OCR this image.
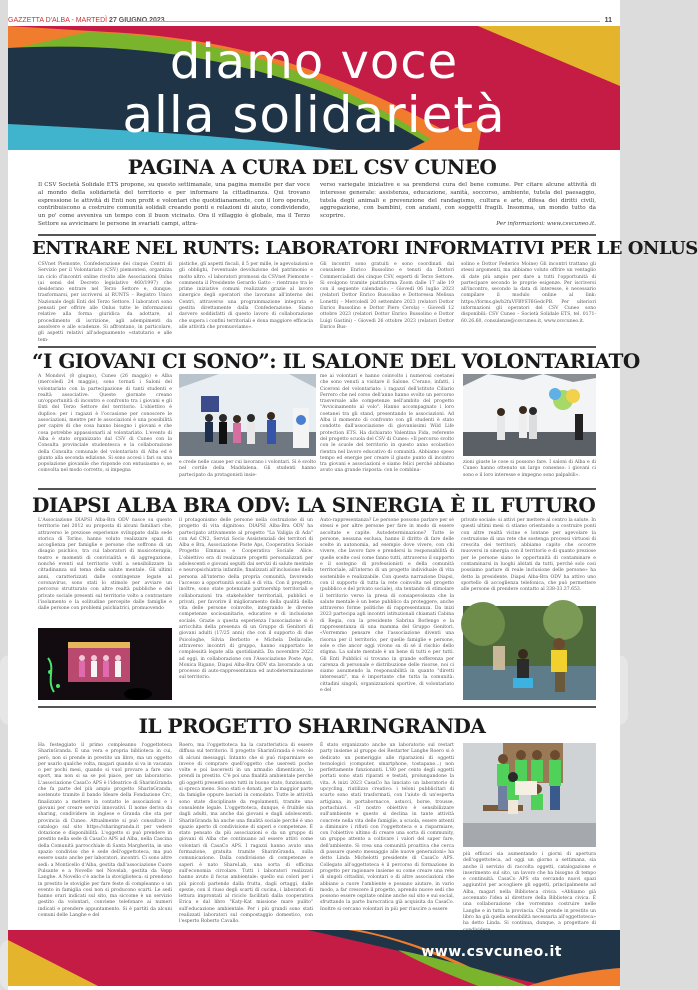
GAZZETTA D'ALBA - MARTEDÌ 27 GIUGNO 2023	11
diamo voce
alla solidarietà
PAGINA A CURA DEL CSV CUNEO
Il CSV Società Solidale ETS propone, su questo settimanale, una pagina mensile per dar voce al mondo della solidarietà del territorio e per informare la cittadinanza. Qui trovano espressione le attività di Enti non profit e volontari che quotidianamente, con il loro operato, contribuiscono a costruire comunità solidali creando ponti e relazioni di aiuto, condividendo, un po' come avveniva un tempo con il buon vicinato. Ora il villaggio è globale, ma il Terzo Settore sa avvicinare le persone in svariati campi, attra-
verso variegate iniziative e sa prendersi cura del bene comune. Per citare alcune attività di interesse generale: assistenza, educazione, sanità, soccorso, ambiente, tutela del paesaggio, tutela degli animali e prevenzione del randagismo, cultura e arte, difesa dei diritti civili, aggregazione, con bambini, con anziani, con soggetti fragili. Insomma, un mondo tutto da scoprire.
Per informazioni: www.csvcuneo.it.
ENTRARE NEL RUNTS: LABORATORI INFORMATIVI PER LE ONLUS
CSVnet Piemonte, Confederazione dei cinque Centri di Servizio per il Volontariato (CSV) piemontesi, organizza un ciclo d'incontri online rivolto alle Associazioni Onlus (ai sensi del Decreto legislativo 460/1997) che desiderano entrare nel Terzo Settore e, dunque, trasformarsi, per iscriversi al RUNTS – Registro Unico Nazionale degli Enti del Terzo Settore. I laboratori sono pensati per offrire alle Onlus tutte le informazioni relative alla forma giuridica da adottare, al procedimento di iscrizione, agli adempimenti da assolvere e alle scadenze. Si affrontano, in particolare, gli aspetti relativi all'adeguamento «statutario e alle tem-
pistiche, gli aspetti fiscali, il 5 per mille, le agevolazioni e gli obblighi, l'eventuale devoluzione del patrimonio e molto altro. «I laboratori promossi da CSVnet Piemonte – commenta il Presidente Gerardo Gatto – rientrano tra le prime iniziative comuni realizzate grazie al lavoro sinergico degli operatori che lavorano all'interno dei Centri, attraverso una programmazione integrata e gestita direttamente dalla Confederazione. Siamo davvero soddisfatti di questo lavoro di collaborazione che supera i confini territoriali e dona maggiore efficacia alle attività che promuoviamo».
Gli incontri sono gratuiti e sono coordinati dal consulente Enrico Bussolino e tenuti da Dottori Commercialisti dei cinque CSV, esperti di Terzo Settore. Si svolgono tramite piattaforma Zoom dalle 17 alle 19 con il seguente calendario: – Giovedì 06 luglio 2023 (relatori Dottor Enrico Bussolino e Dottoressa Melissa Lonetti) – Mercoledì 20 settembre 2023 (relatori Dottor Enrico Bussolino e Dottor Piero Cerola) – Giovedì 12 ottobre 2023 (relatori Dottor Enrico Bussolino e Dottor Luigi Gastini) – Giovedì 26 ottobre 2023 (relatori Dottor Enrico Bus-
solino e Dottor Federico Moine) Gli incontri trattano gli stessi argomenti, ma abbiamo voluto offrire un ventaglio di date più ampio per dare a tutti l'opportunità di partecipare secondo le proprie esigenze. Per iscriversi all'incontro, secondo la data di interesse, è necessario compilare il modulo online al link: https://forms.gle/b2fuVFBYST6GedcPB. Per ulteriori informazioni gli operatori del CSV Cuneo sono disponibili: CSV Cuneo – Società Solidale ETS, tel. 0171-60.26.60, consulenze@csvcuneo.it, www.csvcuneo.it.
“I GIOVANI CI SONO”: IL SALONE DEL VOLONTARIATO
A Mondovì (8 giugno), Cuneo (26 maggio) e Alba (mercoledì 24 maggio), sono tornati i Saloni del volontariato con la partecipazione di tanti studenti e realtà associative. Queste giornate creano un'opportunità di incontro e confronto tra i giovani e gli Enti del Terzo Settore del territorio. L'obiettivo è duplice: per i ragazzi è l'occasione per conoscere le associazioni, mentre per le associazioni è una possibilità per capire di che cosa hanno bisogno i giovani e che cosa potrebbe appassionarli al volontariato. L'evento di Alba è stato organizzato dal CSV di Cuneo con la Consulta provinciale studentesca e la collaborazione della Consulta comunale del volontariato di Alba ed è giunto alla seconda edizione. Si sono accesi i fari su una popolazione giovanile che risponde con entusiasmo e, se coinvolta nel modo corretto, si impegna
e crede nelle cause per cui lavorano i volontari. Si è svolto nel cortile della Maddalena. Gli studenti hanno partecipato da protagonisti insie-
me ai volontari e hanno coinvolto i numerosi coetanei che sono venuti a visitare il Salone. C'erano, infatti, i Ciceroni del volontariato: i ragazzi dell'istituto Ciliario Ferrero che nel corso dell'anno hanno svolto un percorso trasversale alle competenze nell'ambito del progetto "Avvicinamento al volo". Hanno accompagnato i loro coetanei tra gli stand, presentando le associazioni. Ad Alba il momento di confronto con gli studenti è stato condotto dall'associazione di giovanissimi Wild Life protection ETS. Ha dichiarato Valentina Fida, referente del progetto scuola del CSV di Cuneo: «Il percorso svolto con le scuole del territorio in questo anno scolastico rientra nel lavoro educativo di comunità. Abbiamo speso tempo ed energie per creare il giusto punto di incontro tra giovani e associazioni e siamo felici perché abbiamo avuto una grande risposta: con le combina-
zioni giuste le cose si possono fare. I saloni di Alba e di Cuneo hanno ottenuto un largo consenso: i giovani ci sono e il loro interesse e impegno sono palpabili».
DIAPSI ALBA BRA ODV: LA SINERGIA È IL FUTURO
L'Associazione DIAPSI Alba-Bra ODV nasce su questo territorio nel 2012 su proposta di alcuni familiari che, attraverso le preziose esperienze sviluppate dalla sede storica di Torino, hanno voluto realizzare spazi di accoglienza per famiglie e persone che soffrono di un disagio psichico, tra cui laboratori di musicoterapia, teatro e momenti di convivialità e di aggregazione, nonché eventi sul territorio volti a sensibilizzare la cittadinanza sul tema della salute mentale. Gli ultimi anni, caratterizzati dalle contingenze legate al coronavirus, sono stati lo stimolo per avviare un percorso strutturato con altre realtà pubbliche e del privato sociale presenti sul territorio volto a contrastare l'isolamento e la solitudine percepite dalle famiglie e dalle persone con problemi psichiatrici, promuovendo
il protagonismo delle persone nella costruzione di un progetto di vita dignitoso. DIAPSI Alba-Bra ODV ha partecipato attivamente al progetto "La Valigia di Ada" con Asl CN2, Servizi Socio Assistenziali dei territori di Alba e Bra, Associazione Poste Aps, Cooperativa Sociale Progetto Emmaus e Cooperativa Sociale Alice. L'obiettivo era di realizzare progetti personalizzati per adolescenti e giovani seguiti dai servizi di salute mentale e neuropsichiatria infantile, finalizzati all'inclusione della persona all'interno della propria comunità, favorendo l'accesso a opportunità sociali e di vita. Con il progetto, inoltre, sono state potenziate partnership territoriali e collaborazioni tra stakeholder territoriali, pubblici e privati, per favorire il miglioramento della qualità della vita delle persone coinvolte, integrando le diverse competenze sociosanitarie, educative e di inclusione sociale. Grazie a questa esperienza l'associazione si è arricchita della presenza di un Gruppo di Genitori di giovani adulti (17/25 anni) che con il supporto di due Psicologhe, Silvia Berbotto e Michela Dellavalle, attraverso incontri di gruppo, hanno supportato le complessità legate alla quotidianità. Da novembre 2022 ad oggi, in collaborazione con l'Associazione Poste Aps, Monica Rigano, Diapsi Alba-Bra ODV sta lavorando a un processo di auto-rappresentanza ed autodeterminazione sul territorio.
Auto-rappresentanza? Le persone possono parlare per sé stessi e per altre persone per fare in modo di essere ascoltate e capite. Autodeterminazione? Tutte le persone, nessuna esclusa, hanno il diritto di fare delle scelte in autonomia, ad esempio dove vivere, con chi vivere, che lavoro fare e prendersi la responsabilità di quelle scelte così come fanno tutti, attraverso il supporto e il sostegno di professionisti e della comunità territoriale, all'interno di un progetto individuale di vita sostenibile e realizzabile. Con questa narrazione Diapsi, con il supporto di tutta la rete coinvolta nel progetto (pubblico e del privato sociale), sta tentando di stimolare il territorio verso la presa di consapevolezza che la salute mentale è un bene pubblico da proteggere, anche attraverso forme politiche di rappresentanza. Da inizi 2023 partecipa agli incontri istituzionali chiamati Cabina di Regia, con la presidente Sabrina Borlengo e la rappresentanza di una mamma del Gruppo Genitori. «Vorremmo pensare che l'associazione diventi una risorsa per il territorio, per quelle famiglie e persone, sole e che ancor oggi vivono su di sé il rischio dello stigma. La salute mentale è un bene di tutti e per tutti. Gli Enti Pubblici si trovano in grande sofferenza per carenza di personale e distribuzione delle risorse, noi ci siamo assumendo la responsabilità in quanto "diretti interessati", ma è importante che tutta la comunità: cittadini singoli, organizzazioni sportive, di volontariato e del
privato sociale: si attivi per mettere al centro la salute. In questi ultimi mesi ci stiamo orientando a costruire ponti con altre realtà vicine e lontane per agevolare la costruzione di una rete che sostenga processi virtuosi di crescita dei territori; abbiamo capito che occorre muoversi in sinergia con il territorio e di quanto preziose per le persone siano le opportunità di contaminare e contaminarsi in luoghi abitati da tutti, perché solo così possiamo parlare di reale inclusione delle persone» ha detto la presidente. Diapsi Alba-Bra ODV ha attivo uno sportello di accoglienza telefonica, che può permettere alle persone di prendere contatto al 338-33.37.653.
IL PROGETTO SHARINGRANDA
Ha festeggiato il primo compleanno l'oggettoteca SharinGranda. È una vera e propria biblioteca in cui, però, non si prende in prestito un libro, ma un oggetto per usarlo qualche volta, magari quando si va in vacanza o per pochi mesi, quando si vuol provare a fare uno sport, ma non si sa se poi piace, per un laboratorio. L'associazione CasaCo APS è l'ideatrice di SharinGranda che fa parte del più ampio progetto SharinGranda, sostenuto tramite il bando Ideare della Fondazione Crc, finalizzato a mettere in contatto le associazioni e i giovani per creare servizi innovativi. Il nome deriva da sharing, condividere in inglese e Granda che sta per provincia di Cuneo. Attualmente si può consultare il catalogo sul sito https://sharingranda.it per vedere dotazione e disponibilità. L'oggetto si può prendere in prestito nella sede di CasaCo APS ad Alba, nella Cascina della Comunità parrocchiale di Santa Margherita, in uno spazio condiviso che è sede dell'oggettoteca, ma può essere usato anche per laboratori, incontri. Ci sono altre sedi: a Monticello d'Alba, gestita dall'associazione Cuore Pulsante e a Novello nel Novelab, gestita da Vepp Langhe. A Novello c'è anche la stovigliotecа: si prendono in prestito le stoviglie per fare feste di compleanno o un evento in famiglia così non si producono scarti. Le sedi hanno orari indicati sul sito, ma siccome è un servizio gestito da volontari, conviene telefonare ai numeri indicati e prendere appuntamento. Si è partiti da alcuni comuni delle Langhe e del
Roero, ma l'oggettoteca ha la caratteristica di essere diffusa sul territorio. Il progetto SharinGranda è veicolo di alcuni messaggi. Intanto che si può risparmiare se invece di comprare quell'oggetto che useresti poche volte e poi lasceresti in un armadio dimenticato, lo prendi in prestito. C'è poi una finalità ambientale perché gli oggetti presenti sono tutti in buono stato, funzionanti, si spreca meno. Sono stati e donati, per la maggior parte da famiglie oppure lasciati in comodato. Tutte le attività sono state disciplinate da regolamenti, tramite una consulente legale. L'oggettoteca, dunque, è fruibile sia dagli adulti, ma anche dai giovani e dagli adolescenti. SharinGranda ha anche una finalità sociale perché è uno spazio aperto di condivisione di saperi e competenze. È stato pensato da più associazioni e da un gruppo di giovani di Alba che continuano ad essere attivi come volontari di CasaCo APS. I ragazzi hanno avuto una formazione, gratuita tramite SharinGranda, sulla comunicazione. Dalla condivisione di competenze e saperi è nato ShareLab, una sorta di officina sull'economia circolare. Tutti i laboratori realizzati hanno avuto il focus ambientale: quello sui colori per i più piccoli partendo dalla frutta, dagli ortaggi, dalle spezie, con il riuso degli scarti di cucina, i laboratori di lettura improntati al riciclo facilitati dalla cooperativa Erica e dal libro "Katy-Kat missione mare pulito" sull'educazione ambientale. Per i più grandi sono stati realizzati laboratori sul compostaggio domestico, con l'esperto Roberto Cavallo.
È stato organizzato anche un laboratorio sul restart party insieme al gruppo dei Restarter Langhe Roero si è dedicato un pomeriggio alle riparazioni di oggetti tecnologici (computer, smartphone, tostapane...) non perfettamente funzionanti. L'80 per cento degli oggetti portati sono stati riparati e testati, prolungandone la vita. A inizi 2023 CasaCo ha lanciato un laboratorio di upcycling, riutilizzo creativo: i teloni pubblicitari di scarto sono stati trasformati, con l'aiuto di un'esperta artigiana, in portabornacce, astucci, borse, trousse, portachiavi. «Il nostro obiettivo è sensibilizzare sull'ambiente e questo si declina in tante attività concrete nella vita delle famiglie, a scuola, essere attenti a diminuire i rifiuti con l'oggettoteca e a risparmiare, con l'obiettivo ultimo di creare una sorta di community, un gruppo attento a coltivare i valori del saper fare, dell'ambiente. Si crea una comunità proattiva che cerca di passare questo messaggio alle nuove generazioni» ha detto Linda Michelotti presidente di CasaCo APS. Collegato all'oggettoteca è il percorso di formazione in progetto per ragionare insieme su come creare una rete di singoli cittadini, volontari o di altre associazioni che abbiano a cuore l'ambiente e possano aiutare, in vario modo, a far crescere il progetto, aprendo nuove sedi che possono essere ospitate online anche sul sito e sui social, sfruttando la parte burocratica già acquisita da CasaCo. Inoltre si cercano volontari in più per riuscire a essere
più efficaci sia aumentando i giorni di apertura dell'oggettoteca, ad oggi un giorno a settimana, sia anche il servizio di raccolta oggetti, catalogazione e inserimento sul sito, un lavoro che ha bisogno di tempo e continuità. CasaCo APS sta cercando nuovi spazi aggiuntivi per accogliere gli oggetti, principalmente ad Alba, magari nella Biblioteca civica. «Abbiamo già accennato l'idea al direttore della Biblioteca civica. È una collaborazione che vorremmo costruire nelle Langhe e in tutta la provincia. Chi prende in prestito un libro ha già quella sensibilità necessaria all'oggettoteca» ha detto Linda. Si continua, dunque, a progettare di
www.csvcuneo.it
